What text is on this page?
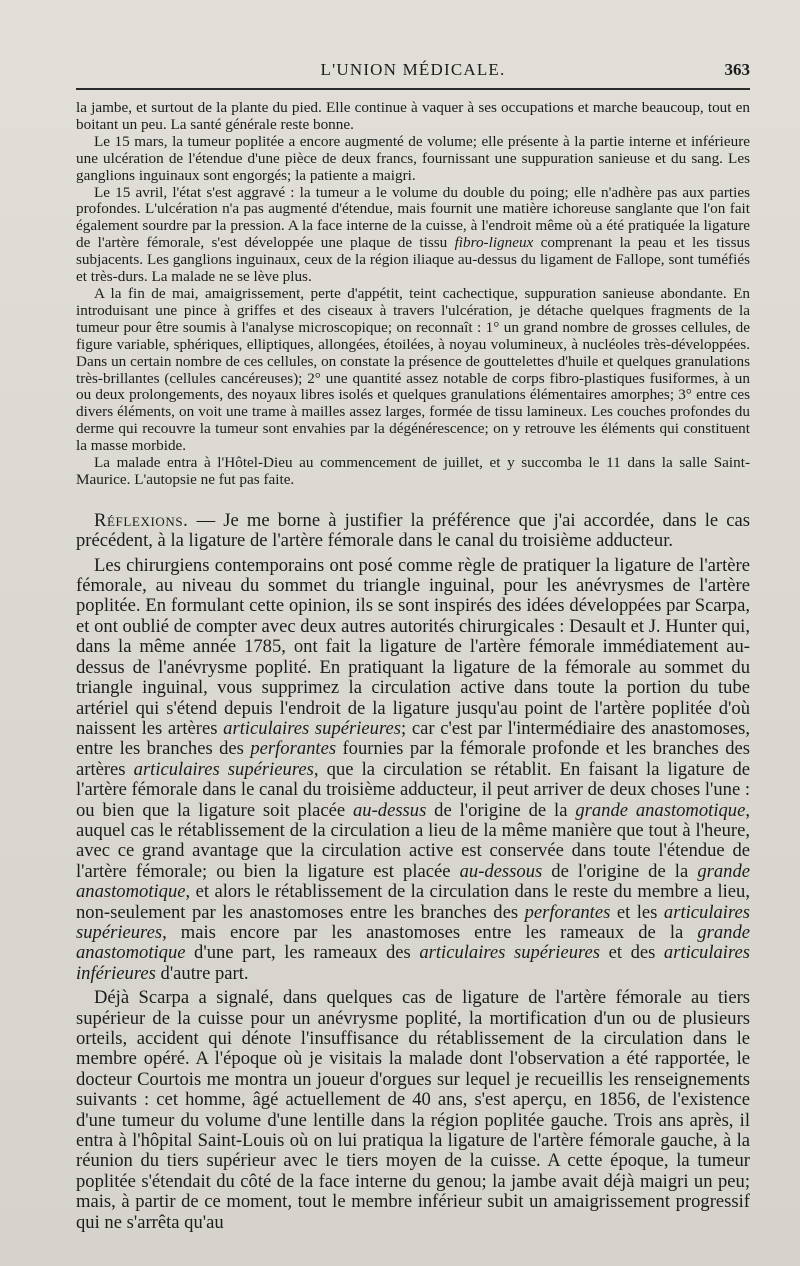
L'UNION MÉDICALE.	363

la jambe, et surtout de la plante du pied. Elle continue à vaquer à ses occupations et marche beaucoup, tout en boitant un peu. La santé générale reste bonne.

Le 15 mars, la tumeur poplitée a encore augmenté de volume; elle présente à la partie interne et inférieure une ulcération de l'étendue d'une pièce de deux francs, fournissant une suppuration sanieuse et du sang. Les ganglions inguinaux sont engorgés; la patiente a maigri.

Le 15 avril, l'état s'est aggravé : la tumeur a le volume du double du poing; elle n'adhère pas aux parties profondes. L'ulcération n'a pas augmenté d'étendue, mais fournit une matière ichoreuse sanglante que l'on fait également sourdre par la pression. A la face interne de la cuisse, à l'endroit même où a été pratiquée la ligature de l'artère fémorale, s'est développée une plaque de tissu fibro-ligneux comprenant la peau et les tissus subjacents. Les ganglions inguinaux, ceux de la région iliaque au-dessus du ligament de Fallope, sont tuméfiés et très-durs. La malade ne se lève plus.

A la fin de mai, amaigrissement, perte d'appétit, teint cachectique, suppuration sanieuse abondante. En introduisant une pince à griffes et des ciseaux à travers l'ulcération, je détache quelques fragments de la tumeur pour être soumis à l'analyse microscopique; on reconnaît : 1° un grand nombre de grosses cellules, de figure variable, sphériques, elliptiques, allongées, étoilées, à noyau volumineux, à nucléoles très-développées. Dans un certain nombre de ces cellules, on constate la présence de gouttelettes d'huile et quelques granulations très-brillantes (cellules cancéreuses); 2° une quantité assez notable de corps fibro-plastiques fusiformes, à un ou deux prolongements, des noyaux libres isolés et quelques granulations élémentaires amorphes; 3° entre ces divers éléments, on voit une trame à mailles assez larges, formée de tissu lamineux. Les couches profondes du derme qui recouvre la tumeur sont envahies par la dégénérescence; on y retrouve les éléments qui constituent la masse morbide.

La malade entra à l'Hôtel-Dieu au commencement de juillet, et y succomba le 11 dans la salle Saint-Maurice. L'autopsie ne fut pas faite.

Réflexions. — Je me borne à justifier la préférence que j'ai accordée, dans le cas précédent, à la ligature de l'artère fémorale dans le canal du troisième adducteur.

Les chirurgiens contemporains ont posé comme règle de pratiquer la ligature de l'artère fémorale, au niveau du sommet du triangle inguinal, pour les anévrysmes de l'artère poplitée. En formulant cette opinion, ils se sont inspirés des idées développées par Scarpa, et ont oublié de compter avec deux autres autorités chirurgicales : Desault et J. Hunter qui, dans la même année 1785, ont fait la ligature de l'artère fémorale immédiatement au-dessus de l'anévrysme poplité. En pratiquant la ligature de la fémorale au sommet du triangle inguinal, vous supprimez la circulation active dans toute la portion du tube artériel qui s'étend depuis l'endroit de la ligature jusqu'au point de l'artère poplitée d'où naissent les artères articulaires supérieures; car c'est par l'intermédiaire des anastomoses, entre les branches des perforantes fournies par la fémorale profonde et les branches des artères articulaires supérieures, que la circulation se rétablit. En faisant la ligature de l'artère fémorale dans le canal du troisième adducteur, il peut arriver de deux choses l'une : ou bien que la ligature soit placée au-dessus de l'origine de la grande anastomotique, auquel cas le rétablissement de la circulation a lieu de la même manière que tout à l'heure, avec ce grand avantage que la circulation active est conservée dans toute l'étendue de l'artère fémorale; ou bien la ligature est placée au-dessous de l'origine de la grande anastomotique, et alors le rétablissement de la circulation dans le reste du membre a lieu, non-seulement par les anastomoses entre les branches des perforantes et les articulaires supérieures, mais encore par les anastomoses entre les rameaux de la grande anastomotique d'une part, les rameaux des articulaires supérieures et des articulaires inférieures d'autre part.

Déjà Scarpa a signalé, dans quelques cas de ligature de l'artère fémorale au tiers supérieur de la cuisse pour un anévrysme poplité, la mortification d'un ou de plusieurs orteils, accident qui dénote l'insuffisance du rétablissement de la circulation dans le membre opéré. A l'époque où je visitais la malade dont l'observation a été rapportée, le docteur Courtois me montra un joueur d'orgues sur lequel je recueillis les renseignements suivants : cet homme, âgé actuellement de 40 ans, s'est aperçu, en 1856, de l'existence d'une tumeur du volume d'une lentille dans la région poplitée gauche. Trois ans après, il entra à l'hôpital Saint-Louis où on lui pratiqua la ligature de l'artère fémorale gauche, à la réunion du tiers supérieur avec le tiers moyen de la cuisse. A cette époque, la tumeur poplitée s'étendait du côté de la face interne du genou; la jambe avait déjà maigri un peu; mais, à partir de ce moment, tout le membre inférieur subit un amaigrissement progressif qui ne s'arrêta qu'au
